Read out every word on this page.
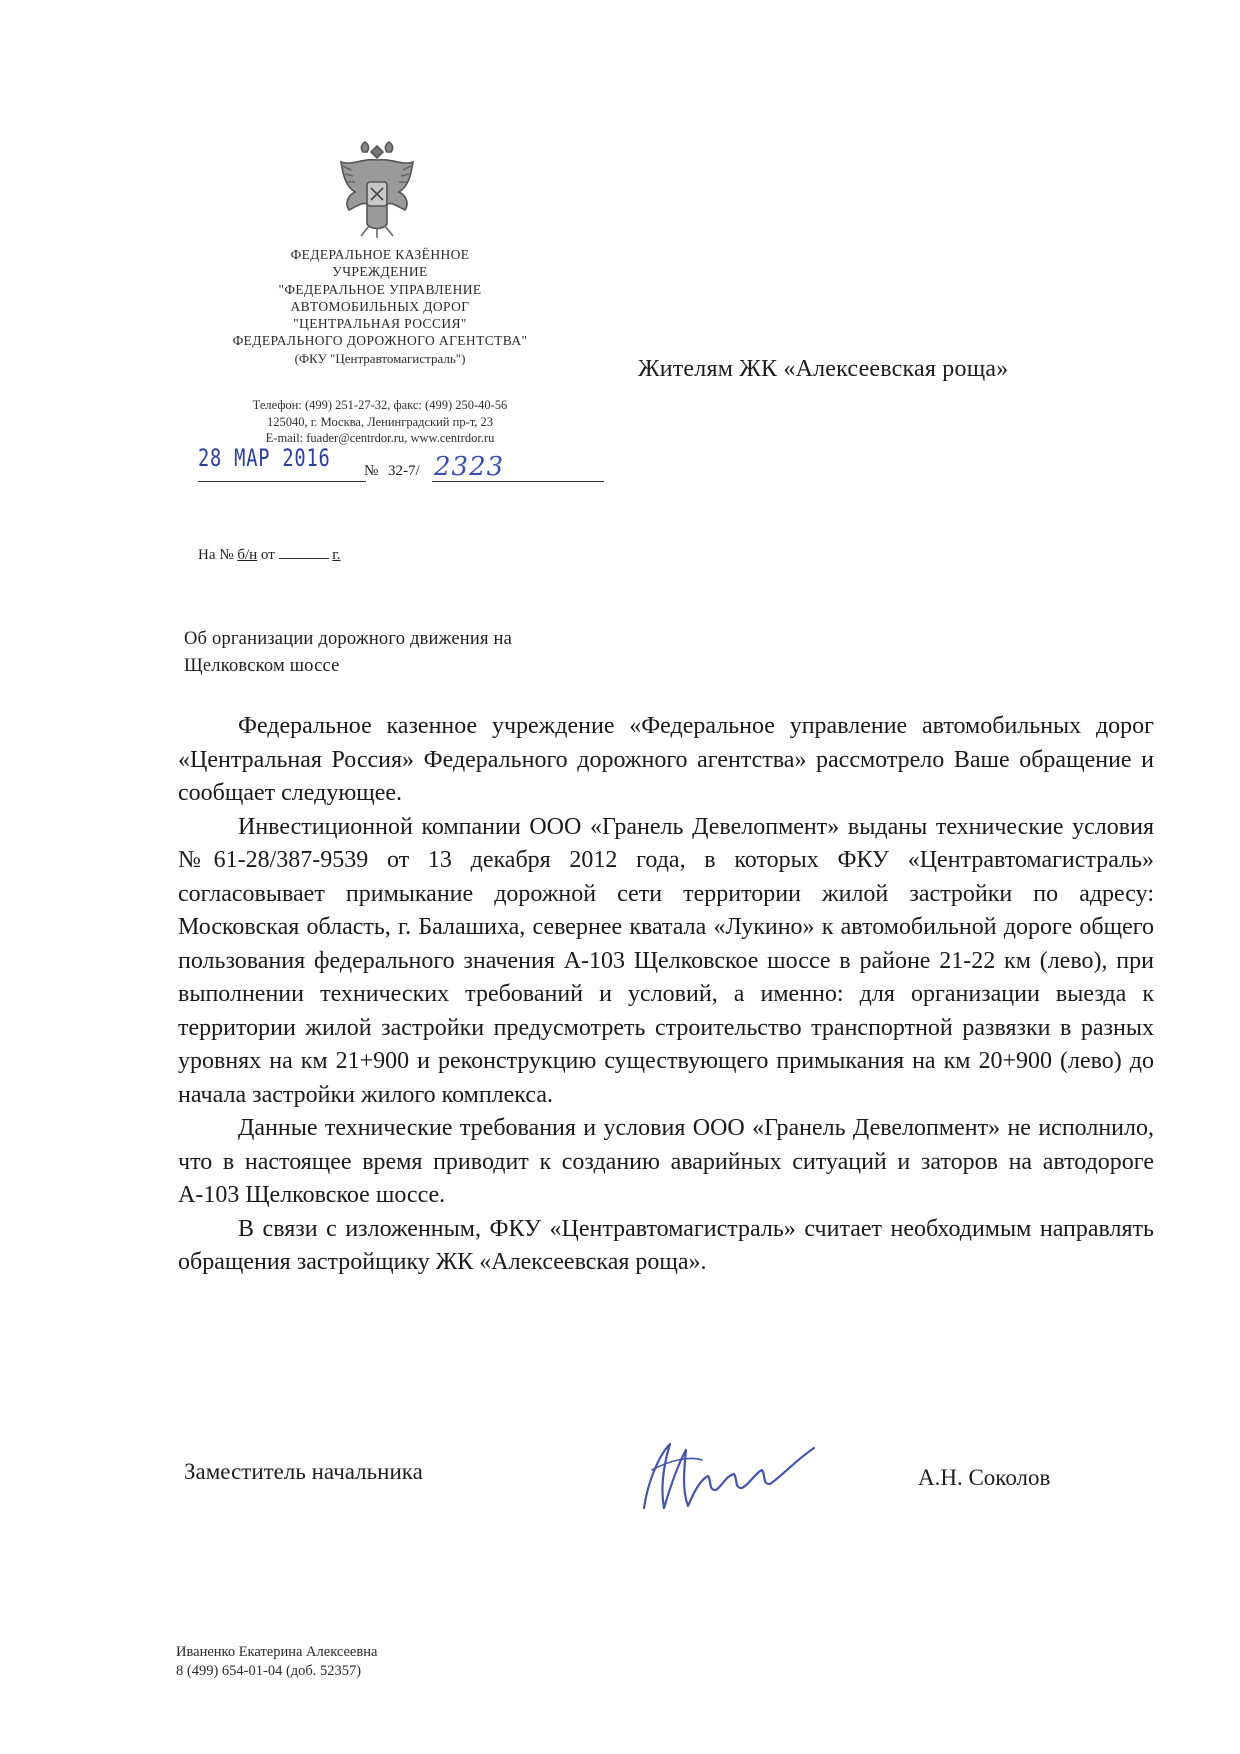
ФЕДЕРАЛЬНОЕ КАЗЁННОЕ
УЧРЕЖДЕНИЕ
"ФЕДЕРАЛЬНОЕ УПРАВЛЕНИЕ
АВТОМОБИЛЬНЫХ ДОРОГ
"ЦЕНТРАЛЬНАЯ РОССИЯ"
ФЕДЕРАЛЬНОГО ДОРОЖНОГО АГЕНТСТВА"
(ФКУ "Центравтомагистраль")
Телефон: (499) 251-27-32, факс: (499) 250-40-56
125040, г. Москва, Ленинградский пр-т, 23
E-mail: fuader@centrdor.ru, www.centrdor.ru
28 MAP 2016 № 32-7/ 2323
Жителям ЖК «Алексеевская роща»
На № б/н от	г.
Об организации дорожного движения на
Щелковском шоссе

Федеральное казенное учреждение «Федеральное управление автомобильных дорог «Центральная Россия» Федерального дорожного агентства» рассмотрело Ваше обращение и сообщает следующее.

Инвестиционной компании ООО «Гранель Девелопмент» выданы технические условия №61-28/387-9539 от 13 декабря 2012 года, в которых ФКУ «Центравтомагистраль» согласовывает примыкание дорожной сети территории жилой застройки по адресу: Московская область, г. Балашиха, севернее кватала «Лукино» к автомобильной дороге общего пользования федерального значения А-103 Щелковское шоссе в районе 21-22 км (лево), при выполнении технических требований и условий, а именно: для организации выезда к территории жилой застройки предусмотреть строительство транспортной развязки в разных уровнях на км 21+900 и реконструкцию существующего примыкания на км 20+900 (лево) до начала застройки жилого комплекса.

Данные технические требования и условия ООО «Гранель Девелопмент» не исполнило, что в настоящее время приводит к созданию аварийных ситуаций и заторов на автодороге А-103 Щелковское шоссе.

В связи с изложенным, ФКУ «Центравтомагистраль» считает необходимым направлять обращения застройщику ЖК «Алексеевская роща».

Заместитель начальника	А.Н. Соколов
Иваненко Екатерина Алексеевна
8 (499) 654-01-04 (доб. 52357)
